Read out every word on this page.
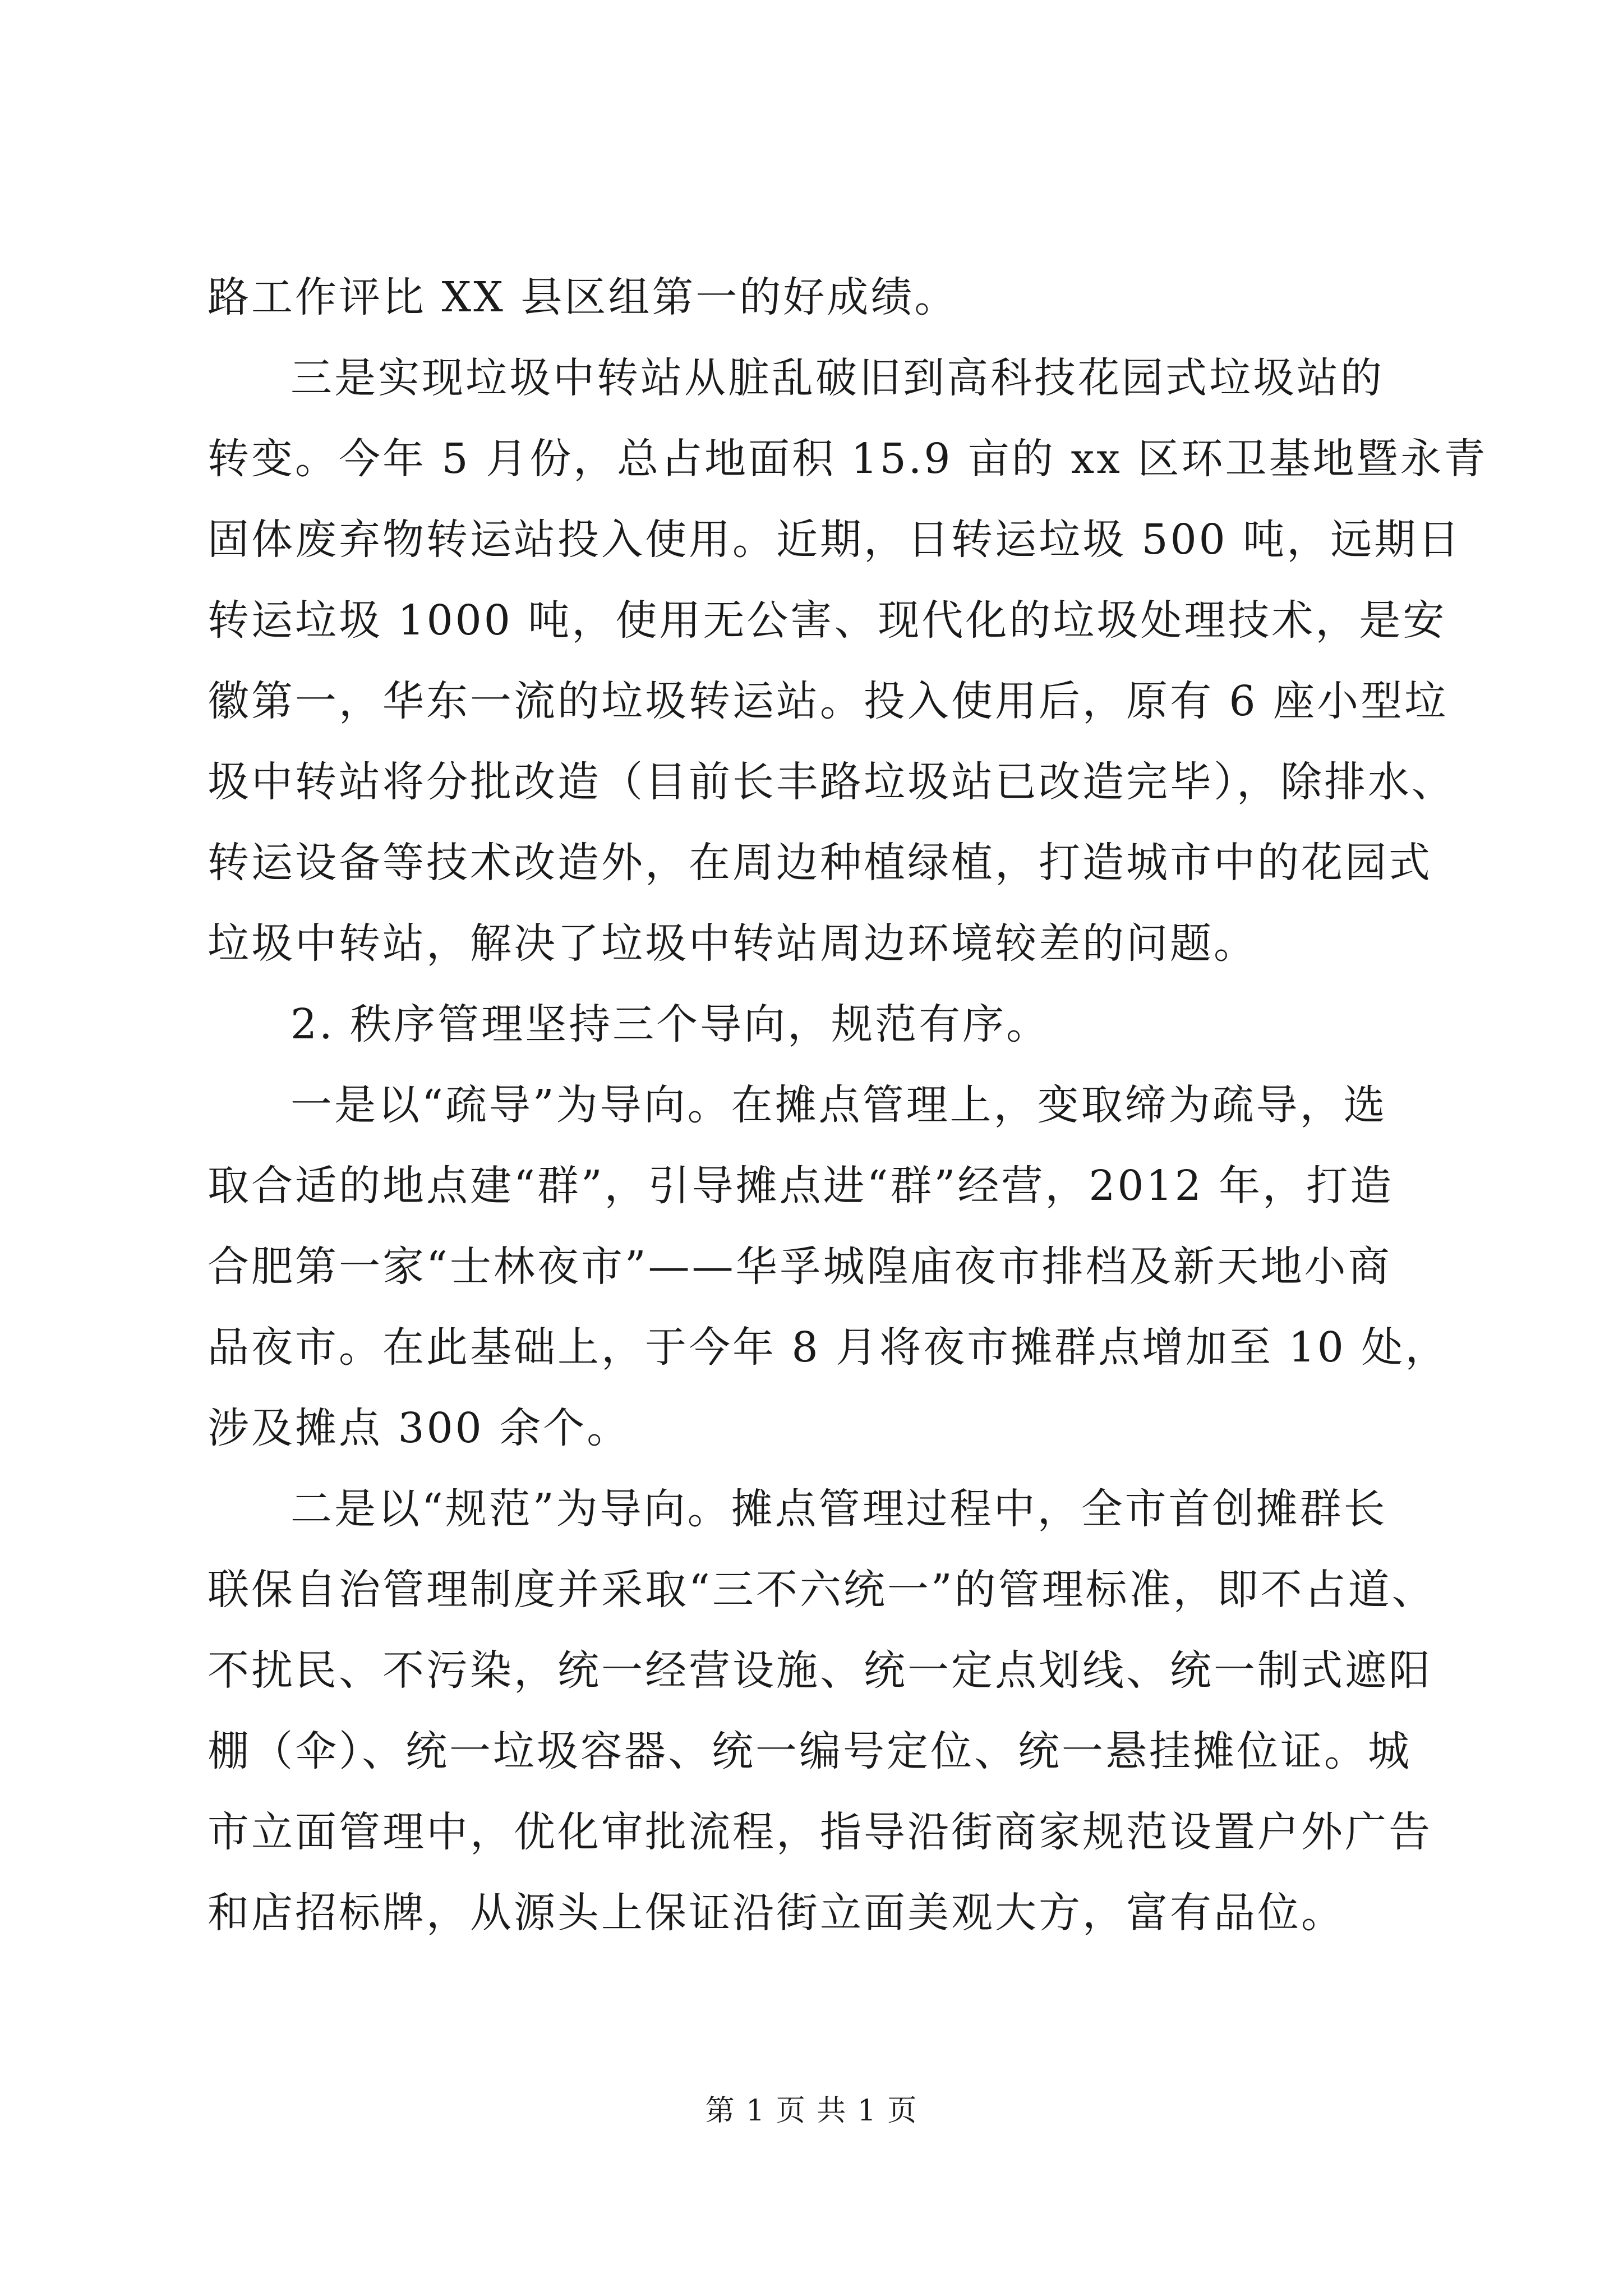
路工作评比 XX 县区组第一的好成绩。
三是实现垃圾中转站从脏乱破旧到高科技花园式垃圾站的
转变。今年 5 月份，总占地面积 15.9 亩的 xx 区环卫基地暨永青
固体废弃物转运站投入使用。近期，日转运垃圾 500 吨，远期日
转运垃圾 1000 吨，使用无公害、现代化的垃圾处理技术，是安
徽第一，华东一流的垃圾转运站。投入使用后，原有 6 座小型垃
圾中转站将分批改造（目前长丰路垃圾站已改造完毕），除排水、
转运设备等技术改造外，在周边种植绿植，打造城市中的花园式
垃圾中转站，解决了垃圾中转站周边环境较差的问题。
2. 秩序管理坚持三个导向，规范有序。
一是以“疏导”为导向。在摊点管理上，变取缔为疏导，选
取合适的地点建“群”，引导摊点进“群”经营，2012 年，打造
合肥第一家“士林夜市”——华孚城隍庙夜市排档及新天地小商
品夜市。在此基础上，于今年 8 月将夜市摊群点增加至 10 处，
涉及摊点 300 余个。
二是以“规范”为导向。摊点管理过程中，全市首创摊群长
联保自治管理制度并采取“三不六统一”的管理标准，即不占道、
不扰民、不污染，统一经营设施、统一定点划线、统一制式遮阳
棚（伞）、统一垃圾容器、统一编号定位、统一悬挂摊位证。城
市立面管理中，优化审批流程，指导沿街商家规范设置户外广告
和店招标牌，从源头上保证沿街立面美观大方，富有品位。
第 1 页 共 1 页
